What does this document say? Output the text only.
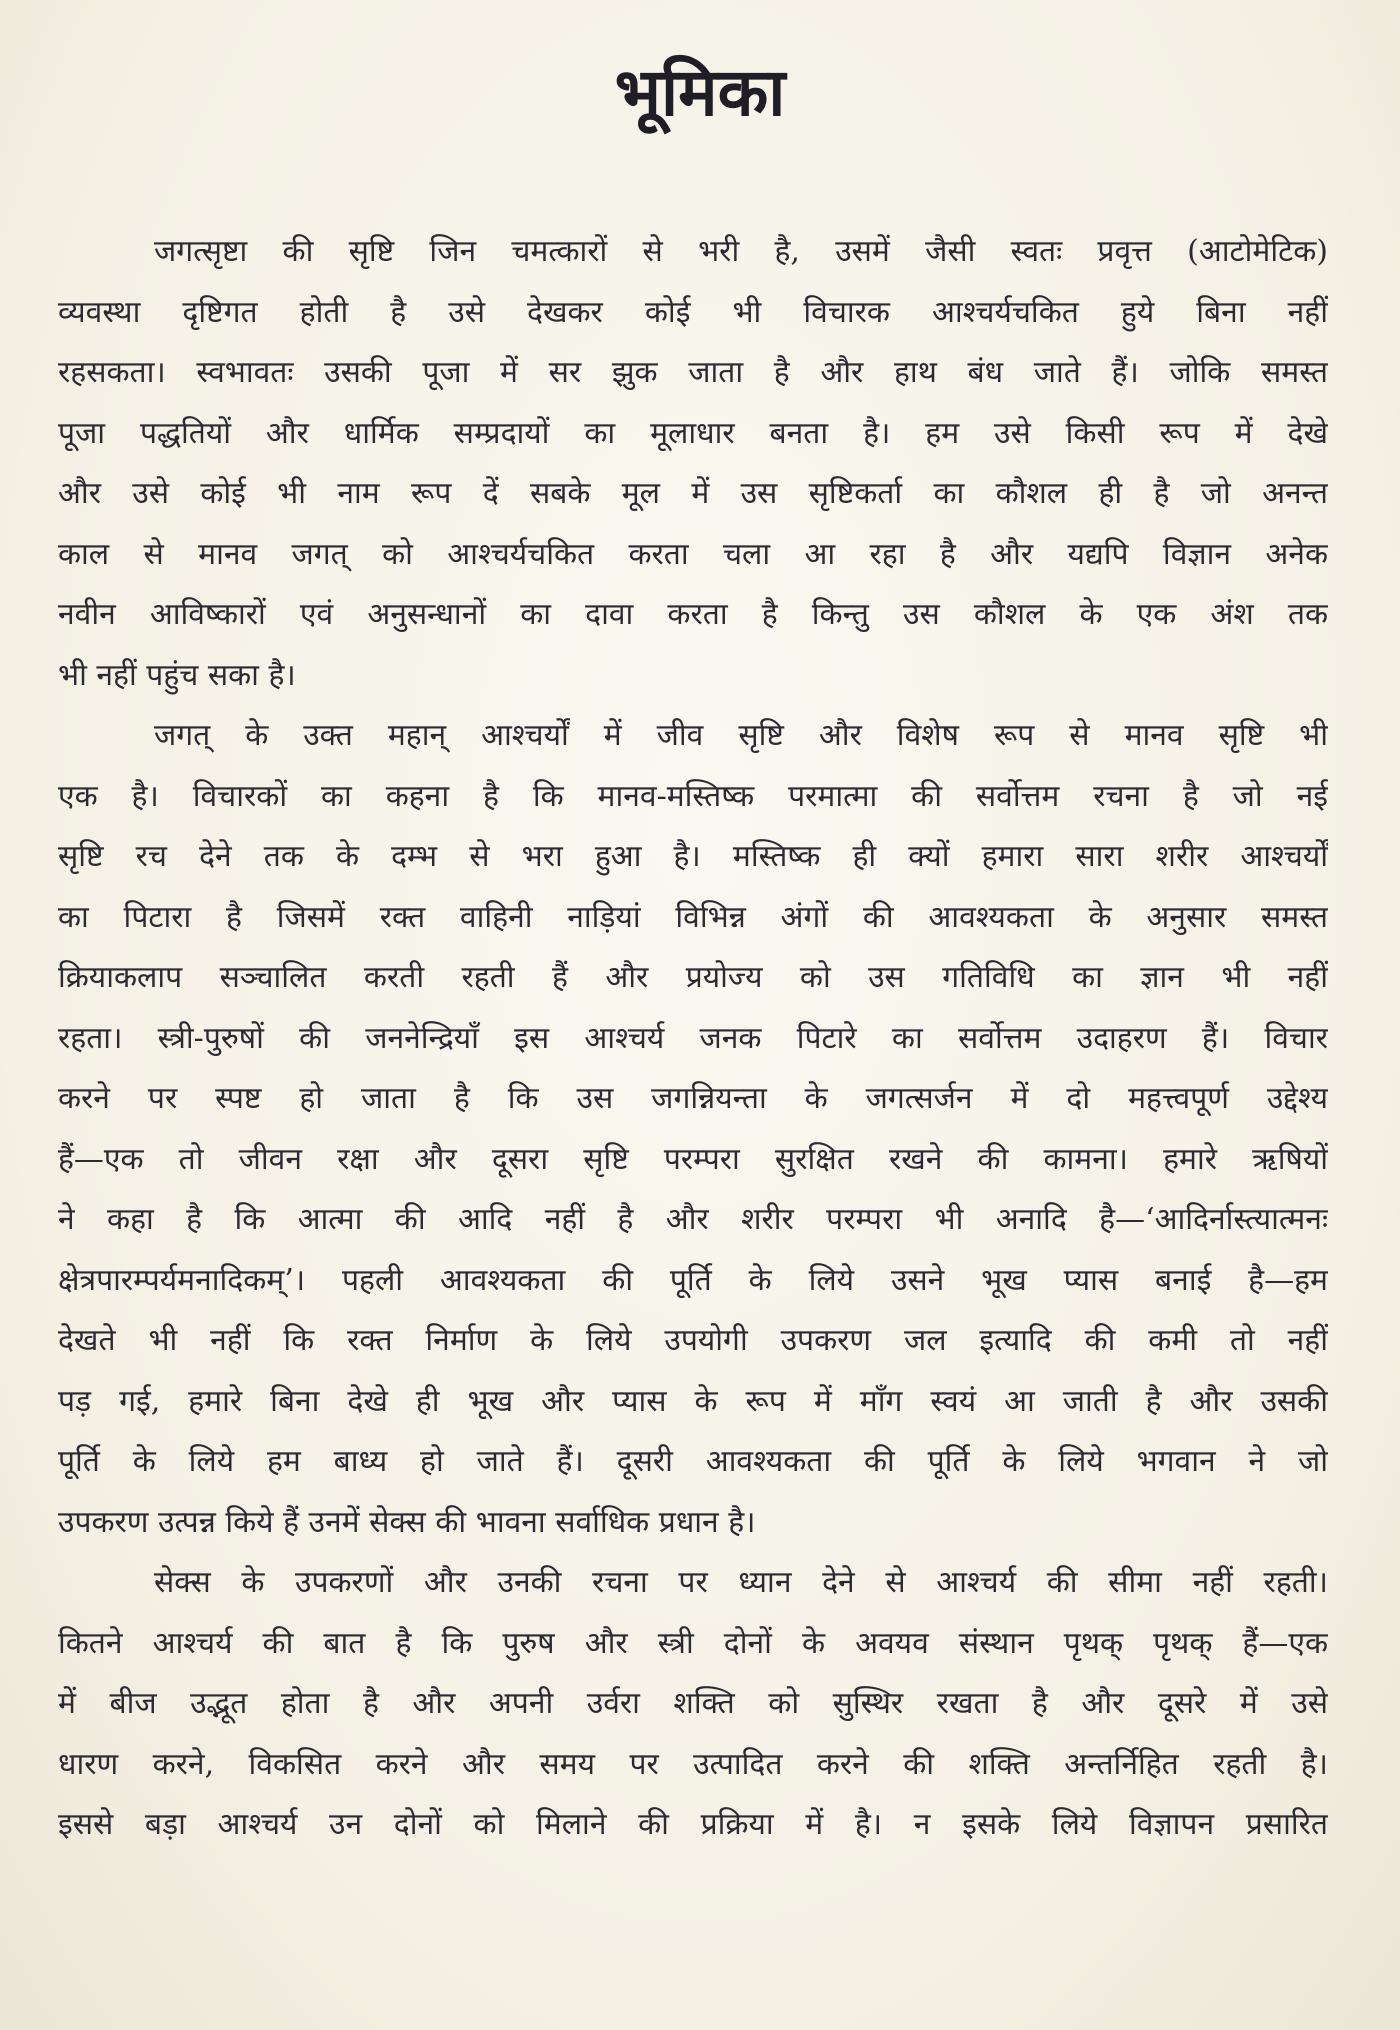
भूमिका
जगत्सृष्टा की सृष्टि जिन चमत्कारों से भरी है, उसमें जैसी स्वतः प्रवृत्त (आटोमेटिक)
व्यवस्था दृष्टिगत होती है उसे देखकर कोई भी विचारक आश्चर्यचकित हुये बिना नहीं
रहसकता। स्वभावतः उसकी पूजा में सर झुक जाता है और हाथ बंध जाते हैं। जोकि समस्त
पूजा पद्धतियों और धार्मिक सम्प्रदायों का मूलाधार बनता है। हम उसे किसी रूप में देखे
और उसे कोई भी नाम रूप दें सबके मूल में उस सृष्टिकर्ता का कौशल ही है जो अनन्त
काल से मानव जगत् को आश्चर्यचकित करता चला आ रहा है और यद्यपि विज्ञान अनेक
नवीन आविष्कारों एवं अनुसन्धानों का दावा करता है किन्तु उस कौशल के एक अंश तक
भी नहीं पहुंच सका है।
जगत् के उक्त महान् आश्चर्यों में जीव सृष्टि और विशेष रूप से मानव सृष्टि भी
एक है। विचारकों का कहना है कि मानव-मस्तिष्क परमात्मा की सर्वोत्तम रचना है जो नई
सृष्टि रच देने तक के दम्भ से भरा हुआ है। मस्तिष्क ही क्यों हमारा सारा शरीर आश्चर्यों
का पिटारा है जिसमें रक्त वाहिनी नाड़ियां विभिन्न अंगों की आवश्यकता के अनुसार समस्त
क्रियाकलाप सञ्चालित करती रहती हैं और प्रयोज्य को उस गतिविधि का ज्ञान भी नहीं
रहता। स्त्री-पुरुषों की जननेन्द्रियाँ इस आश्चर्य जनक पिटारे का सर्वोत्तम उदाहरण हैं। विचार
करने पर स्पष्ट हो जाता है कि उस जगन्नियन्ता के जगत्सर्जन में दो महत्त्वपूर्ण उद्देश्य
हैं—एक तो जीवन रक्षा और दूसरा सृष्टि परम्परा सुरक्षित रखने की कामना। हमारे ऋषियों
ने कहा है कि आत्मा की आदि नहीं है और शरीर परम्परा भी अनादि है—‘आदिर्नास्त्यात्मनः
क्षेत्रपारम्पर्यमनादिकम्’। पहली आवश्यकता की पूर्ति के लिये उसने भूख प्यास बनाई है—हम
देखते भी नहीं कि रक्त निर्माण के लिये उपयोगी उपकरण जल इत्यादि की कमी तो नहीं
पड़ गई, हमारे बिना देखे ही भूख और प्यास के रूप में माँग स्वयं आ जाती है और उसकी
पूर्ति के लिये हम बाध्य हो जाते हैं। दूसरी आवश्यकता की पूर्ति के लिये भगवान ने जो
उपकरण उत्पन्न किये हैं उनमें सेक्स की भावना सर्वाधिक प्रधान है।
सेक्स के उपकरणों और उनकी रचना पर ध्यान देने से आश्चर्य की सीमा नहीं रहती।
कितने आश्चर्य की बात है कि पुरुष और स्त्री दोनों के अवयव संस्थान पृथक् पृथक् हैं—एक
में बीज उद्भूत होता है और अपनी उर्वरा शक्ति को सुस्थिर रखता है और दूसरे में उसे
धारण करने, विकसित करने और समय पर उत्पादित करने की शक्ति अन्तर्निहित रहती है।
इससे बड़ा आश्चर्य उन दोनों को मिलाने की प्रक्रिया में है। न इसके लिये विज्ञापन प्रसारित
